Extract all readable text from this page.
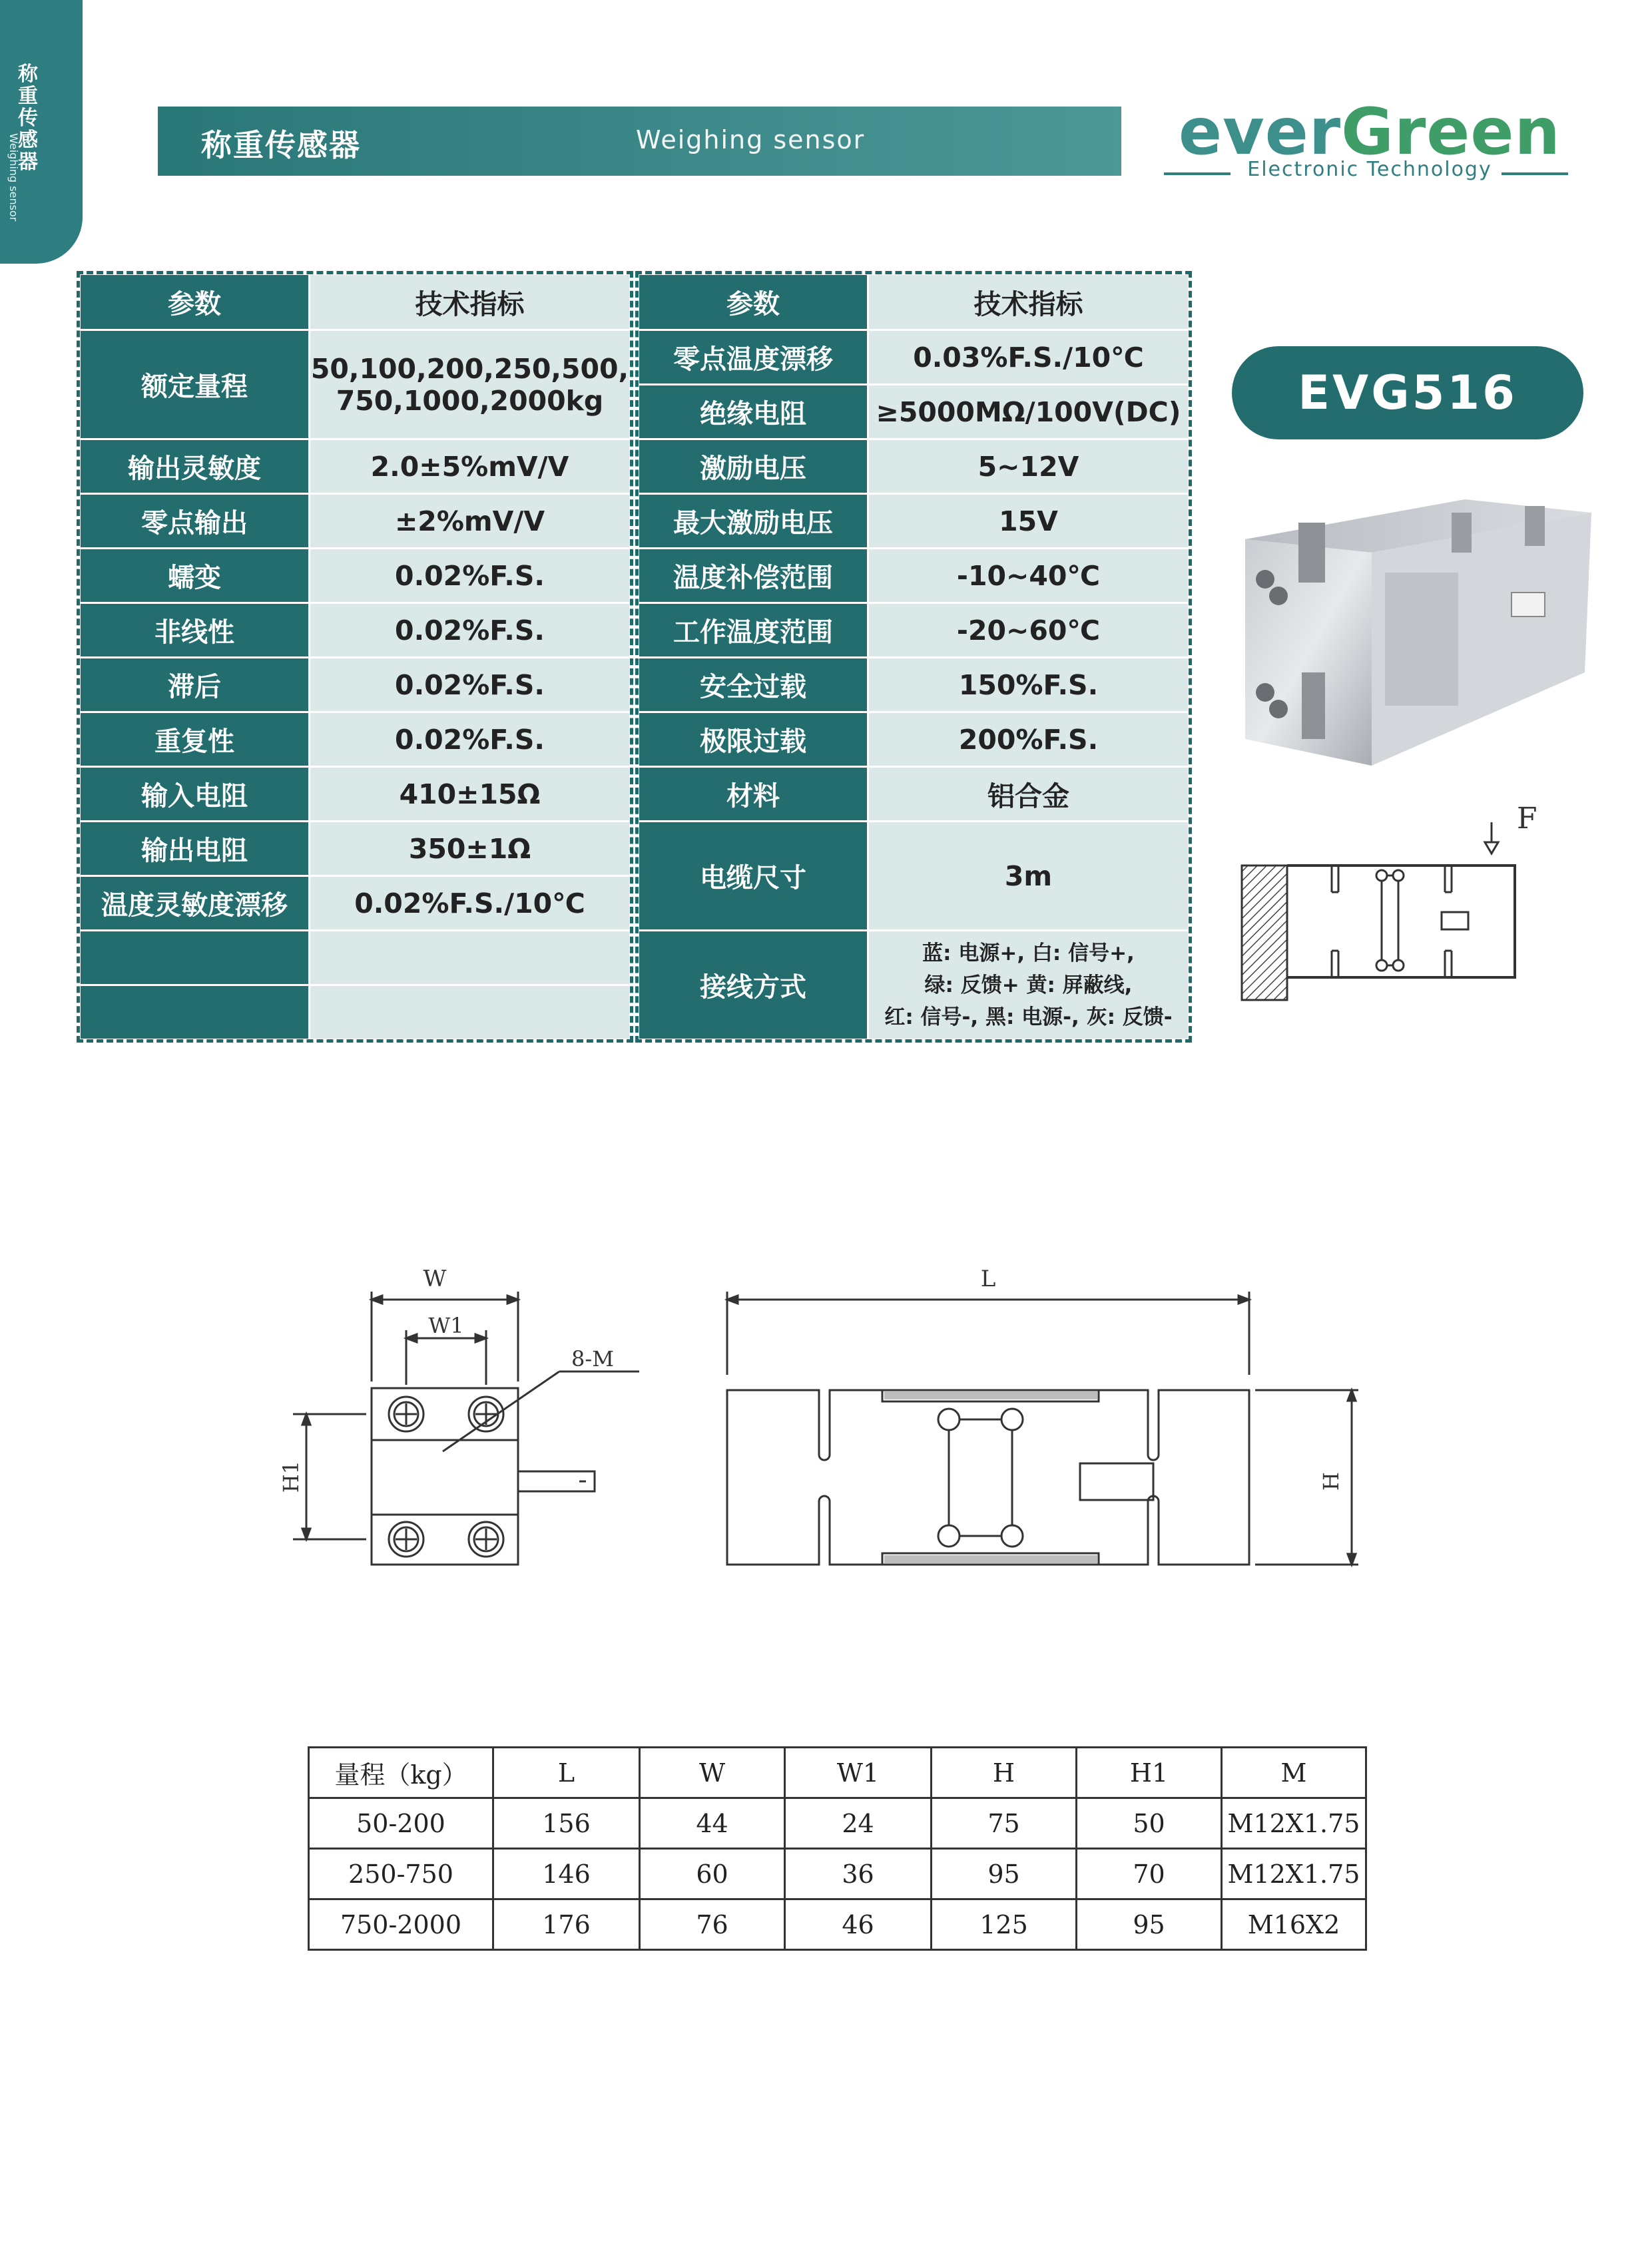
称重传感器
Weighing sensor	称重传感器	Weighing sensor	everGreen
Electronic Technology
参数	技术指标
额定量程	50,100,200,250,500,
750,1000,2000kg

输出灵敏度	2.0±5%mV/V
零点输出	±2%mV/V
蠕变	0.02%F.S.
非线性	0.02%F.S.
滞后	0.02%F.S.
重复性	0.02%F.S.
输入电阻	410±15Ω
输出电阻	350±1Ω
温度灵敏度漂移	0.02%F.S./10℃

参数	技术指标
零点温度漂移	0.03%F.S./10℃
绝缘电阻	≥5000MΩ/100V(DC)
激励电压	5~12V
最大激励电压	15V
温度补偿范围	-10~40℃
工作温度范围	-20~60℃
安全过载	150%F.S.
极限过载	200%F.S.
材料	铝合金
电缆尺寸	3m
接线方式	蓝: 电源+, 白: 信号+,
绿: 反馈+ 黄: 屏蔽线,
红: 信号-, 黑: 电源-, 灰: 反馈-
EVG516
F
W
W1
8-M
H1
L
H
量程（kg）	L	W	W1	H	H1	M
50-200	156	44	24	75	50	M12X1.75
250-750	146	60	36	95	70	M12X1.75
750-2000	176	76	46	125	95	M16X2
